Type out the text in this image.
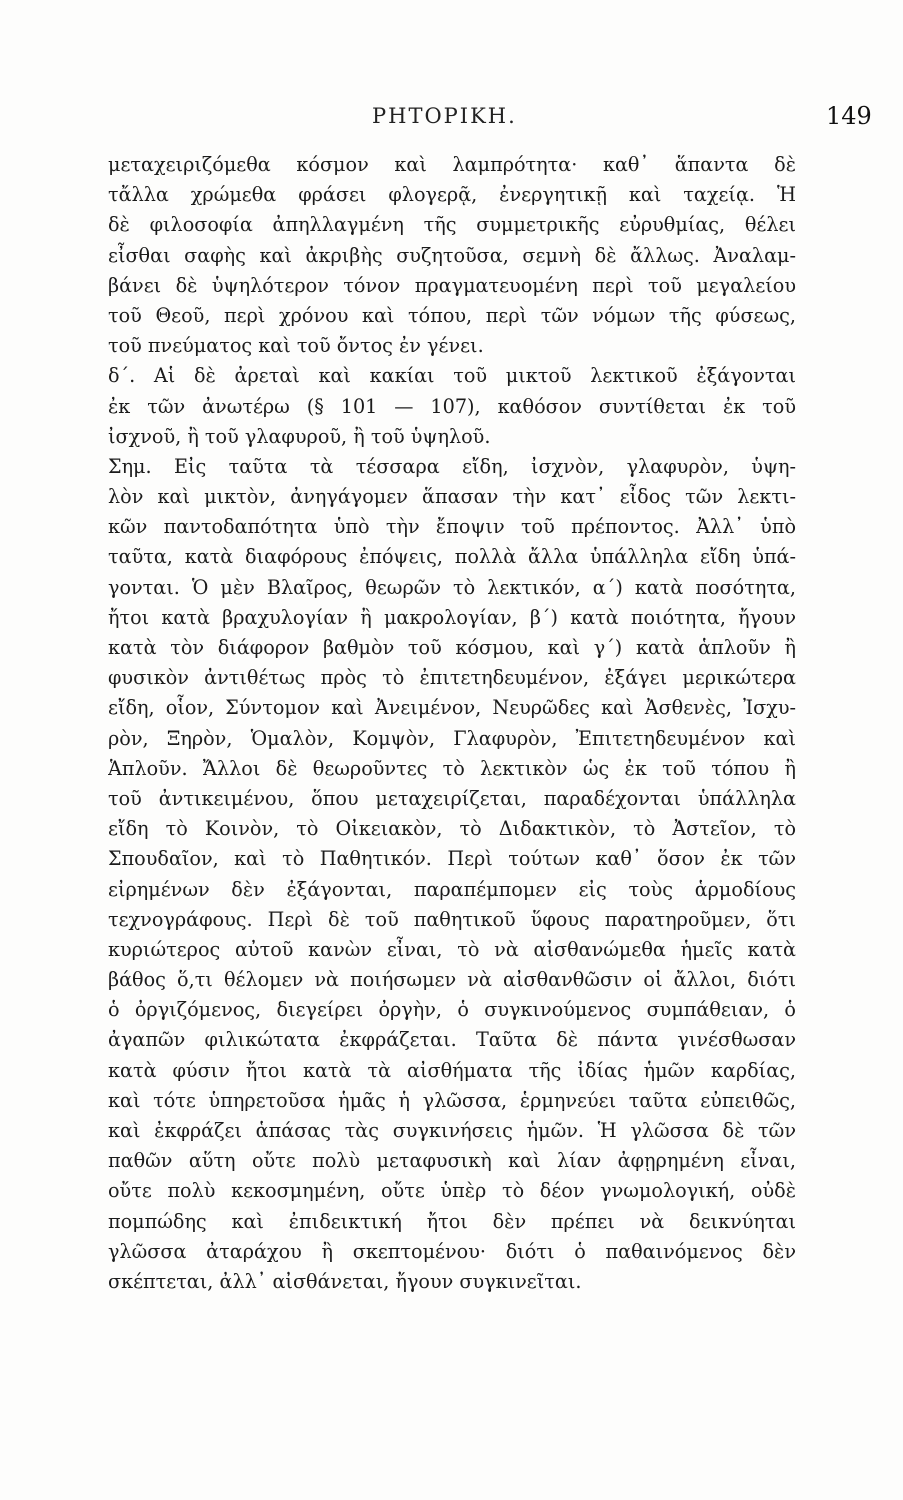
ΡΗΤΟΡΙΚΗ.	149
μεταχειριζόμεθα κόσμον καὶ λαμπρότητα· καθ᾽ ἅπαντα δὲ
τἄλλα χρώμεθα φράσει φλογερᾷ, ἐνεργητικῇ καὶ ταχείᾳ. Ἡ
δὲ φιλοσοφία ἀπηλλαγμένη τῆς συμμετρικῆς εὐρυθμίας, θέλει
εἶσθαι σαφὴς καὶ ἀκριβὴς συζητοῦσα, σεμνὴ δὲ ἄλλως. Ἀναλαμ-
βάνει δὲ ὑψηλότερον τόνον πραγματευομένη περὶ τοῦ μεγαλείου
τοῦ Θεοῦ, περὶ χρόνου καὶ τόπου, περὶ τῶν νόμων τῆς φύσεως,
τοῦ πνεύματος καὶ τοῦ ὄντος ἐν γένει.
δ΄. Αἱ δὲ ἀρεταὶ καὶ κακίαι τοῦ μικτοῦ λεκτικοῦ ἐξάγονται
ἐκ τῶν ἀνωτέρω (§ 101 — 107), καθόσον συντίθεται ἐκ τοῦ
ἰσχνοῦ, ἢ τοῦ γλαφυροῦ, ἢ τοῦ ὑψηλοῦ.
Σημ. Εἰς ταῦτα τὰ τέσσαρα εἴδη, ἰσχνὸν, γλαφυρὸν, ὑψη-
λὸν καὶ μικτὸν, ἀνηγάγομεν ἅπασαν τὴν κατ᾽ εἶδος τῶν λεκτι-
κῶν παντοδαπότητα ὑπὸ τὴν ἔποψιν τοῦ πρέποντος. Ἀλλ᾽ ὑπὸ
ταῦτα, κατὰ διαφόρους ἐπόψεις, πολλὰ ἄλλα ὑπάλληλα εἴδη ὑπά-
γονται. Ὁ μὲν Βλαῖρος, θεωρῶν τὸ λεκτικόν, α΄) κατὰ ποσότητα,
ἤτοι κατὰ βραχυλογίαν ἢ μακρολογίαν, β΄) κατὰ ποιότητα, ἤγουν
κατὰ τὸν διάφορον βαθμὸν τοῦ κόσμου, καὶ γ΄) κατὰ ἁπλοῦν ἢ
φυσικὸν ἀντιθέτως πρὸς τὸ ἐπιτετηδευμένον, ἐξάγει μερικώτερα
εἴδη, οἷον, Σύντομον καὶ Ἀνειμένον, Νευρῶδες καὶ Ἀσθενὲς, Ἰσχυ-
ρὸν, Ξηρὸν, Ὁμαλὸν, Κομψὸν, Γλαφυρὸν, Ἐπιτετηδευμένον καὶ
Ἁπλοῦν. Ἄλλοι δὲ θεωροῦντες τὸ λεκτικὸν ὡς ἐκ τοῦ τόπου ἢ
τοῦ ἀντικειμένου, ὅπου μεταχειρίζεται, παραδέχονται ὑπάλληλα
εἴδη τὸ Κοινὸν, τὸ Οἰκειακὸν, τὸ Διδακτικὸν, τὸ Ἀστεῖον, τὸ
Σπουδαῖον, καὶ τὸ Παθητικόν. Περὶ τούτων καθ᾽ ὅσον ἐκ τῶν
εἰρημένων δὲν ἐξάγονται, παραπέμπομεν εἰς τοὺς ἁρμοδίους
τεχνογράφους. Περὶ δὲ τοῦ παθητικοῦ ὕφους παρατηροῦμεν, ὅτι
κυριώτερος αὐτοῦ κανὼν εἶναι, τὸ νὰ αἰσθανώμεθα ἡμεῖς κατὰ
βάθος ὅ,τι θέλομεν νὰ ποιήσωμεν νὰ αἰσθανθῶσιν οἱ ἄλλοι, διότι
ὁ ὀργιζόμενος, διεγείρει ὀργὴν, ὁ συγκινούμενος συμπάθειαν, ὁ
ἀγαπῶν φιλικώτατα ἐκφράζεται. Ταῦτα δὲ πάντα γινέσθωσαν
κατὰ φύσιν ἤτοι κατὰ τὰ αἰσθήματα τῆς ἰδίας ἡμῶν καρδίας,
καὶ τότε ὑπηρετοῦσα ἡμᾶς ἡ γλῶσσα, ἑρμηνεύει ταῦτα εὐπειθῶς,
καὶ ἐκφράζει ἁπάσας τὰς συγκινήσεις ἡμῶν. Ἡ γλῶσσα δὲ τῶν
παθῶν αὕτη οὔτε πολὺ μεταφυσικὴ καὶ λίαν ἀφῃρημένη εἶναι,
οὔτε πολὺ κεκοσμημένη, οὔτε ὑπὲρ τὸ δέον γνωμολογική, οὐδὲ
πομπώδης καὶ ἐπιδεικτική ἤτοι δὲν πρέπει νὰ δεικνύηται
γλῶσσα ἀταράχου ἢ σκεπτομένου· διότι ὁ παθαινόμενος δὲν
σκέπτεται, ἀλλ᾽ αἰσθάνεται, ἤγουν συγκινεῖται.
